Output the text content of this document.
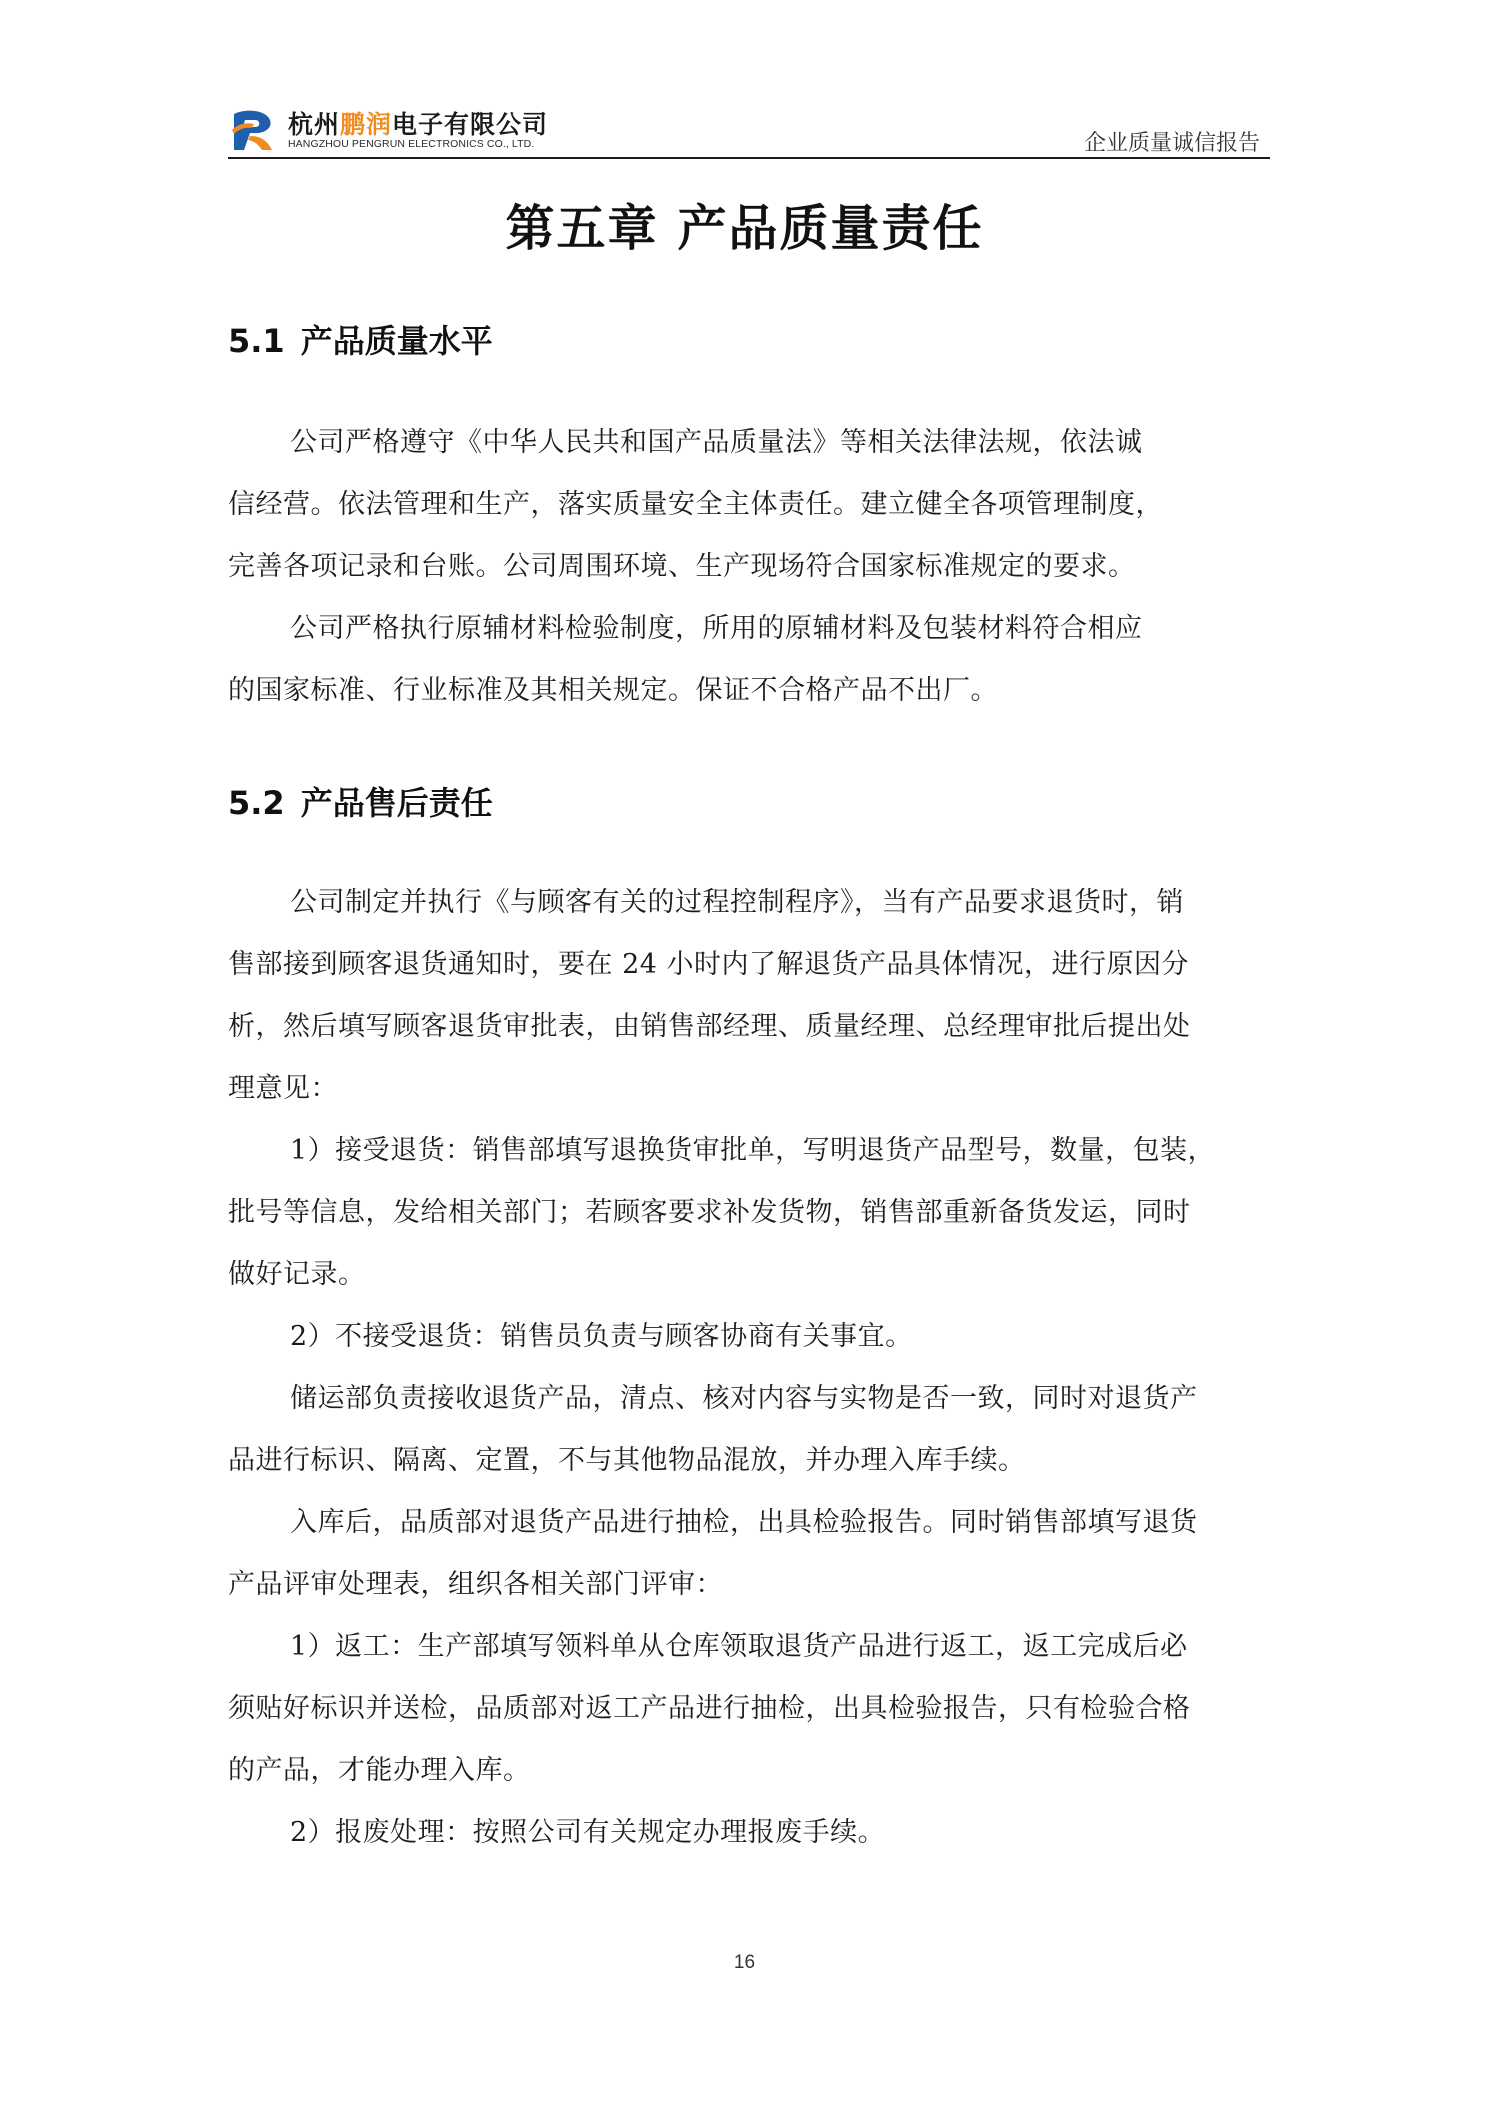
杭州鹏润电子有限公司
HANGZHOU PENGRUN ELECTRONICS CO., LTD.	企业质量诚信报告
第五章 产品质量责任
5.1 产品质量水平
公司严格遵守《中华人民共和国产品质量法》等相关法律法规，依法诚
信经营。依法管理和生产，落实质量安全主体责任。建立健全各项管理制度，
完善各项记录和台账。公司周围环境、生产现场符合国家标准规定的要求。
公司严格执行原辅材料检验制度，所用的原辅材料及包装材料符合相应
的国家标准、行业标准及其相关规定。保证不合格产品不出厂。
5.2 产品售后责任
公司制定并执行《与顾客有关的过程控制程序》，当有产品要求退货时，销
售部接到顾客退货通知时，要在 24 小时内了解退货产品具体情况，进行原因分
析，然后填写顾客退货审批表，由销售部经理、质量经理、总经理审批后提出处
理意见：
1）接受退货：销售部填写退换货审批单，写明退货产品型号，数量，包装，
批号等信息，发给相关部门；若顾客要求补发货物，销售部重新备货发运，同时
做好记录。
2）不接受退货：销售员负责与顾客协商有关事宜。
储运部负责接收退货产品，清点、核对内容与实物是否一致，同时对退货产
品进行标识、隔离、定置，不与其他物品混放，并办理入库手续。
入库后，品质部对退货产品进行抽检，出具检验报告。同时销售部填写退货
产品评审处理表，组织各相关部门评审：
1）返工：生产部填写领料单从仓库领取退货产品进行返工，返工完成后必
须贴好标识并送检，品质部对返工产品进行抽检，出具检验报告，只有检验合格
的产品，才能办理入库。
2）报废处理：按照公司有关规定办理报废手续。
16
